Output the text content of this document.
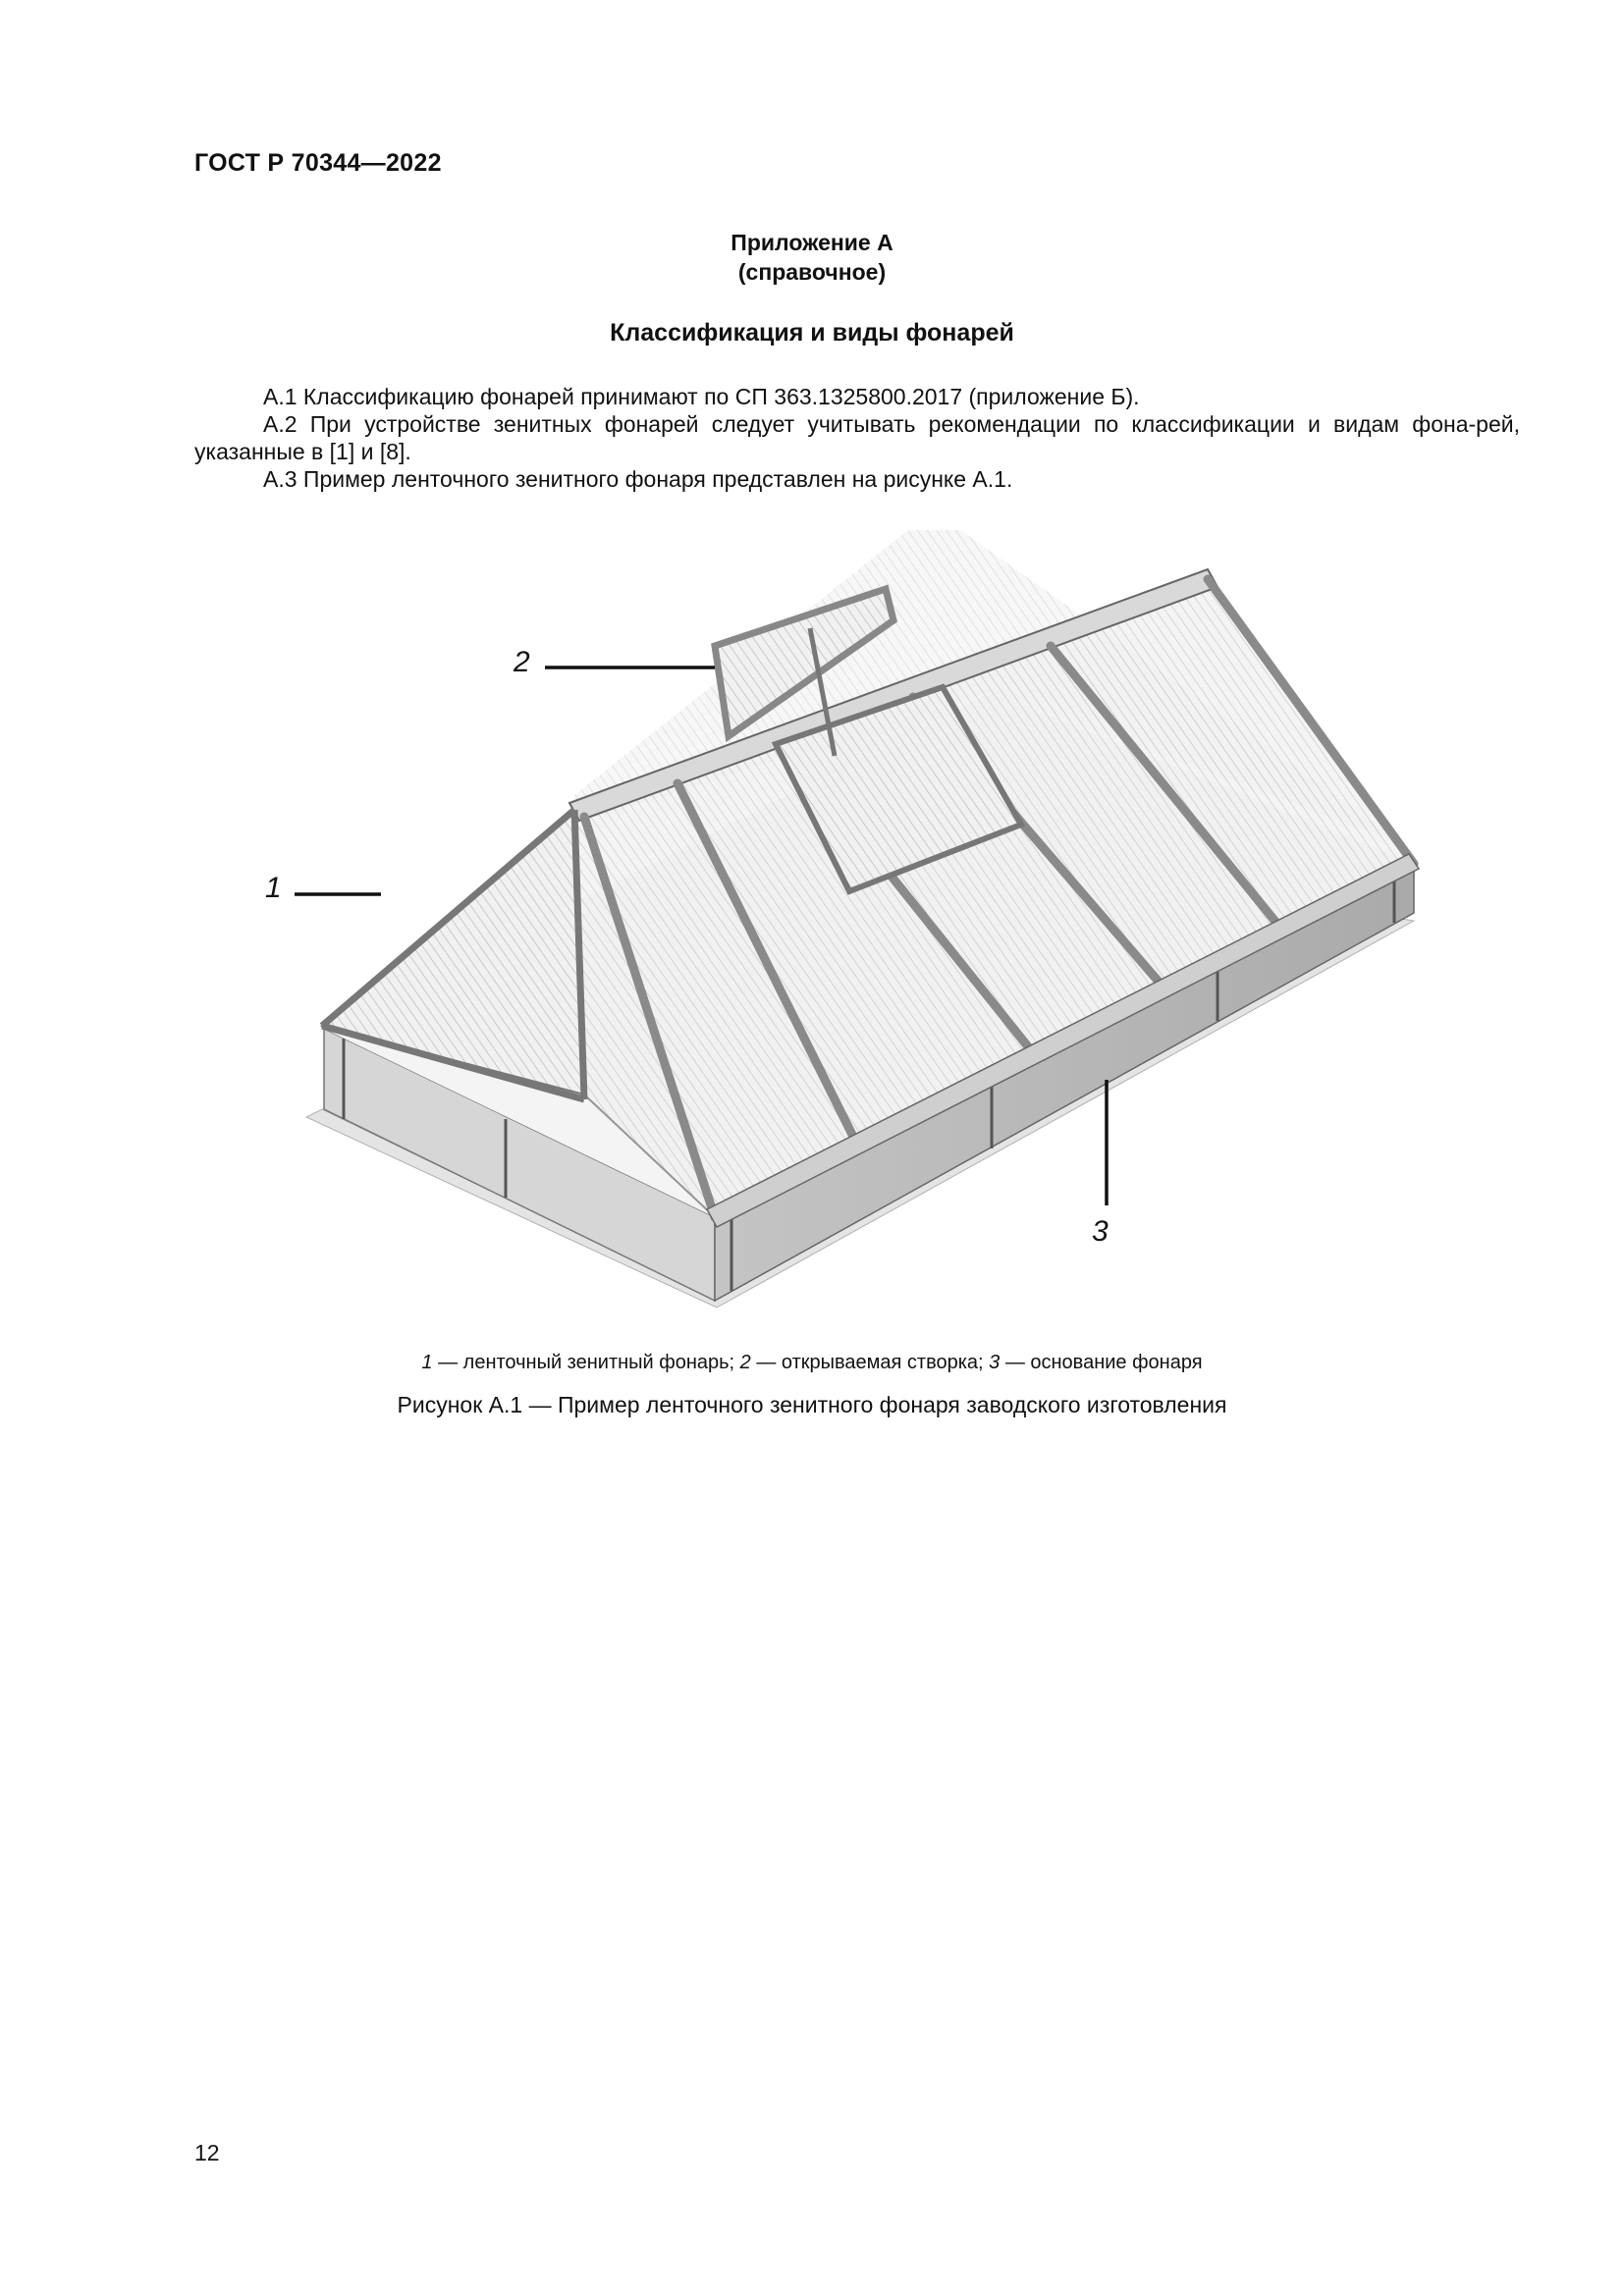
ГОСТ Р 70344—2022
Приложение А
(справочное)
Классификация и виды фонарей
А.1 Классификацию фонарей принимают по СП 363.1325800.2017 (приложение Б).
А.2 При устройстве зенитных фонарей следует учитывать рекомендации по классификации и видам фона-рей, указанные в [1] и [8].
А.3 Пример ленточного зенитного фонаря представлен на рисунке А.1.
1
2
3
1 — ленточный зенитный фонарь; 2 — открываемая створка; 3 — основание фонаря
Рисунок А.1 — Пример ленточного зенитного фонаря заводского изготовления
12
